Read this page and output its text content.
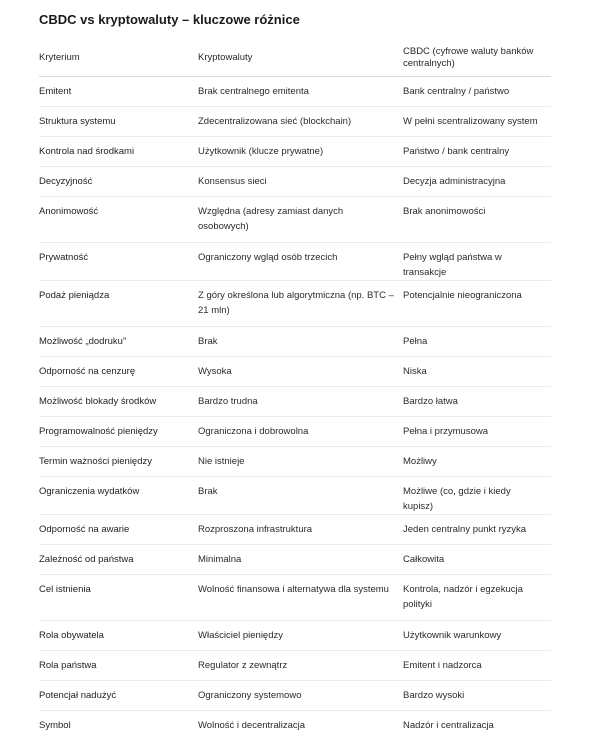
CBDC vs kryptowaluty – kluczowe różnice
Kryterium	Kryptowaluty	CBDC (cyfrowe waluty banków centralnych)
Emitent	Brak centralnego emitenta	Bank centralny / państwo
Struktura systemu	Zdecentralizowana sieć (blockchain)	W pełni scentralizowany system
Kontrola nad środkami	Użytkownik (klucze prywatne)	Państwo / bank centralny
Decyzyjność	Konsensus sieci	Decyzja administracyjna
Anonimowość	Względna (adresy zamiast danych osobowych)	Brak anonimowości
Prywatność	Ograniczony wgląd osób trzecich	Pełny wgląd państwa w transakcje
Podaż pieniądza	Z góry określona lub algorytmiczna (np. BTC – 21 mln)	Potencjalnie nieograniczona
Możliwość „dodruku”	Brak	Pełna
Odporność na cenzurę	Wysoka	Niska
Możliwość blokady środków	Bardzo trudna	Bardzo łatwa
Programowalność pieniędzy	Ograniczona i dobrowolna	Pełna i przymusowa
Termin ważności pieniędzy	Nie istnieje	Możliwy
Ograniczenia wydatków	Brak	Możliwe (co, gdzie i kiedy kupisz)
Odporność na awarie	Rozproszona infrastruktura	Jeden centralny punkt ryzyka
Zależność od państwa	Minimalna	Całkowita
Cel istnienia	Wolność finansowa i alternatywa dla systemu	Kontrola, nadzór i egzekucja polityki
Rola obywatela	Właściciel pieniędzy	Użytkownik warunkowy
Rola państwa	Regulator z zewnątrz	Emitent i nadzorca
Potencjał nadużyć	Ograniczony systemowo	Bardzo wysoki
Symbol	Wolność i decentralizacja	Nadzór i centralizacja
